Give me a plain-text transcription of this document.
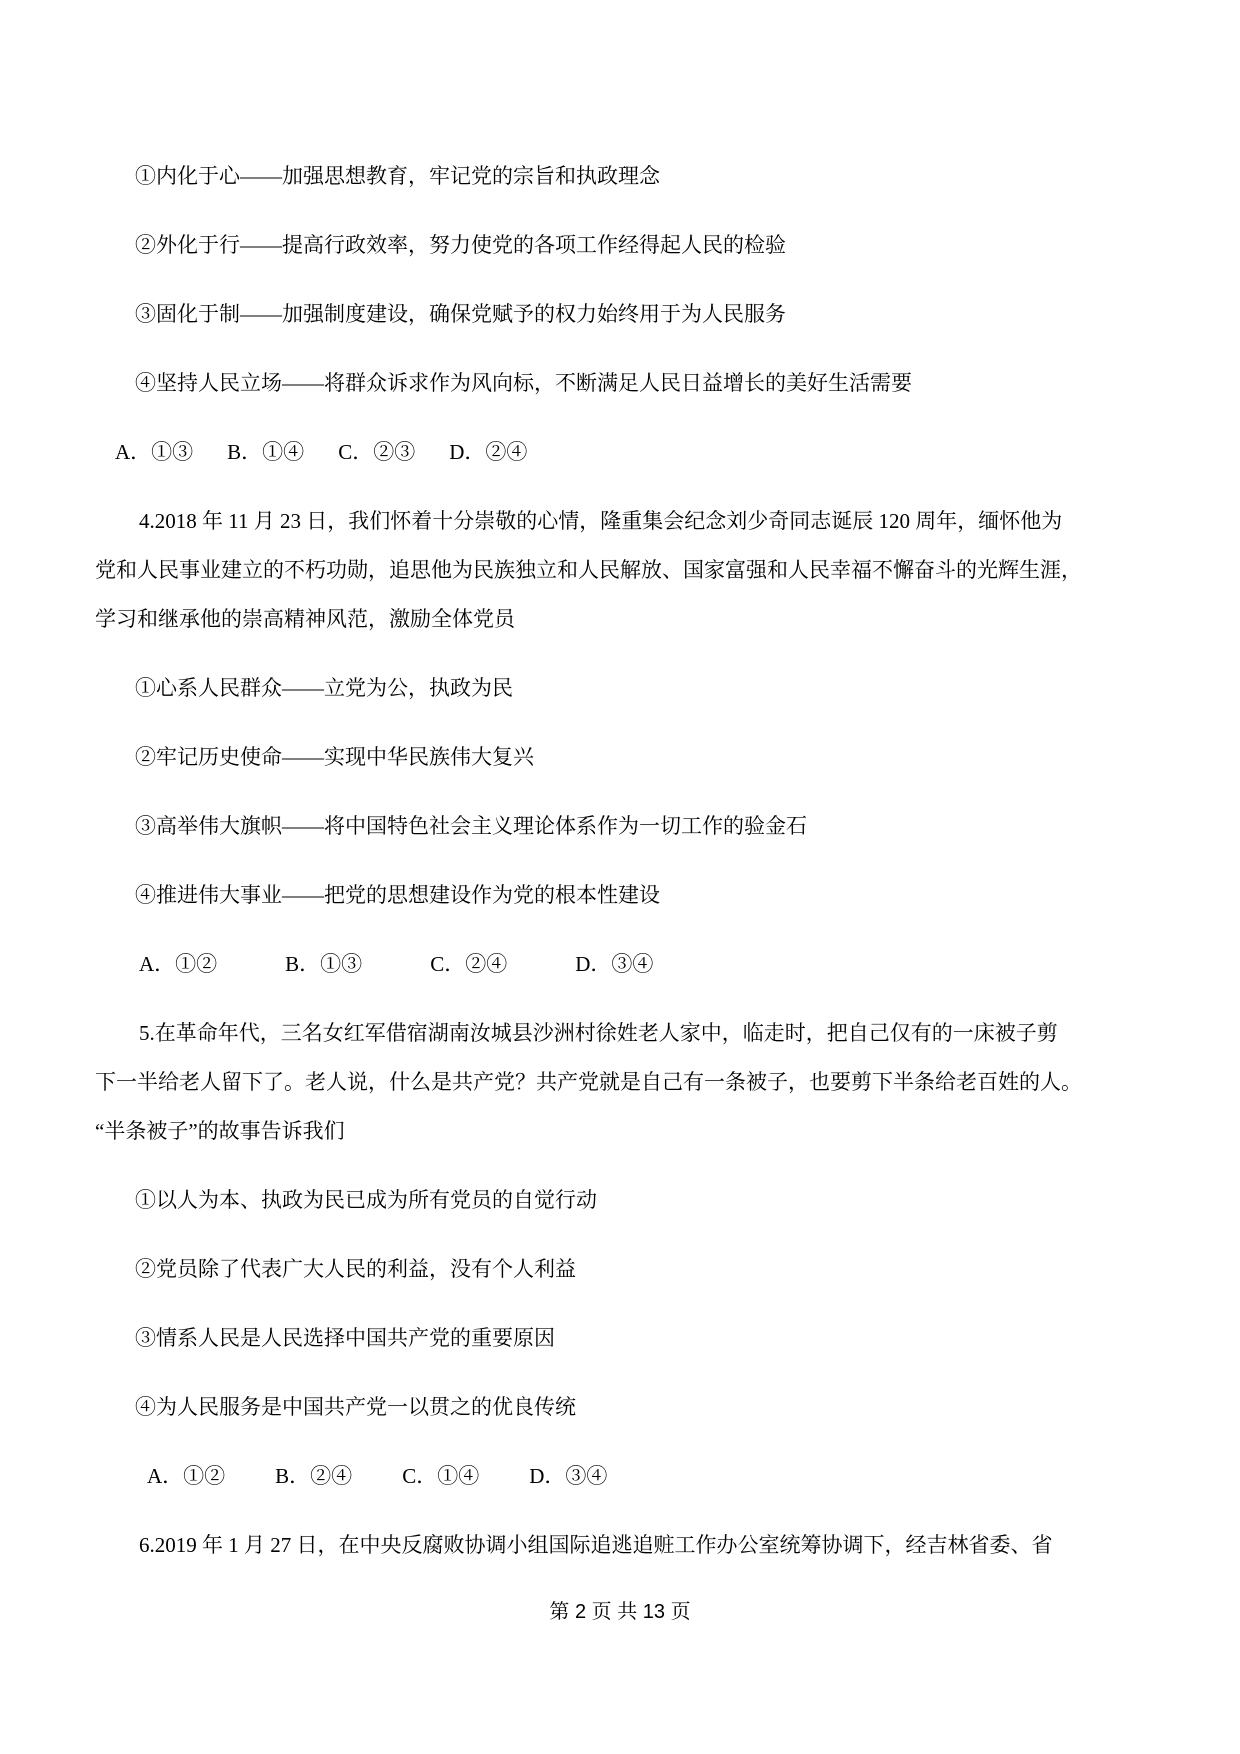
①内化于心——加强思想教育，牢记党的宗旨和执政理念
②外化于行——提高行政效率，努力使党的各项工作经得起人民的检验
③固化于制——加强制度建设，确保党赋予的权力始终用于为人民服务
④坚持人民立场——将群众诉求作为风向标，不断满足人民日益增长的美好生活需要
A．①③ B．①④ C．②③ D．②④
4.2018 年 11 月 23 日，我们怀着十分崇敬的心情，隆重集会纪念刘少奇同志诞辰 120 周年，缅怀他为
党和人民事业建立的不朽功勋，追思他为民族独立和人民解放、国家富强和人民幸福不懈奋斗的光辉生涯，
学习和继承他的崇高精神风范，激励全体党员
①心系人民群众——立党为公，执政为民
②牢记历史使命——实现中华民族伟大复兴
③高举伟大旗帜——将中国特色社会主义理论体系作为一切工作的验金石
④推进伟大事业——把党的思想建设作为党的根本性建设
A．①②	B．①③	C．②④	D．③④
5.在革命年代，三名女红军借宿湖南汝城县沙洲村徐姓老人家中，临走时，把自己仅有的一床被子剪
下一半给老人留下了。老人说，什么是共产党？共产党就是自己有一条被子，也要剪下半条给老百姓的人。
“半条被子”的故事告诉我们
①以人为本、执政为民已成为所有党员的自觉行动
②党员除了代表广大人民的利益，没有个人利益
③情系人民是人民选择中国共产党的重要原因
④为人民服务是中国共产党一以贯之的优良传统
A．①② B．②④ C．①④ D．③④
6.2019 年 1 月 27 日，在中央反腐败协调小组国际追逃追赃工作办公室统筹协调下，经吉林省委、省
第 2 页 共 13 页
